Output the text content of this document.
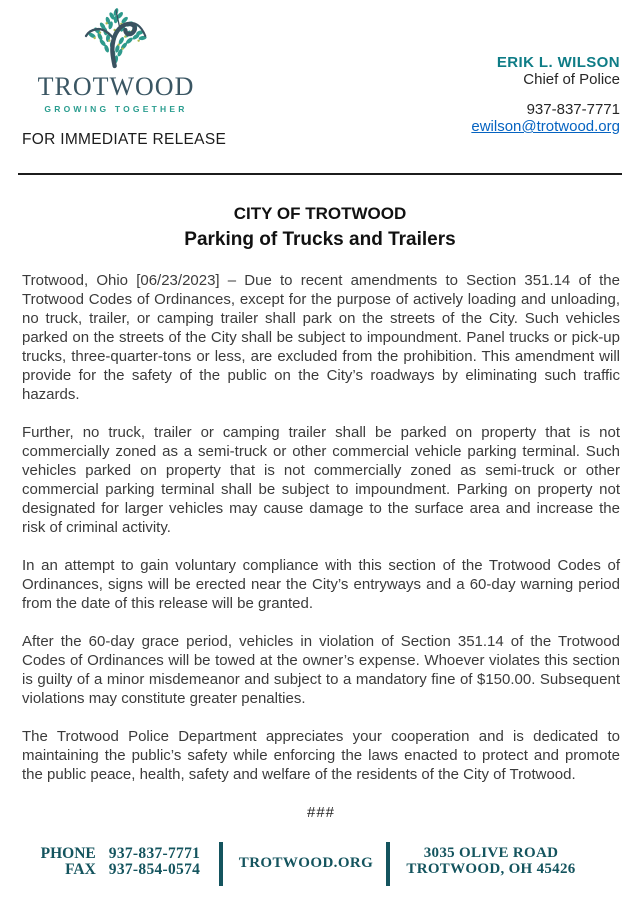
TROTWOOD
GROWING TOGETHER
ERIK L. WILSON
Chief of Police
937-837-7771
ewilson@trotwood.org
FOR IMMEDIATE RELEASE
CITY OF TROTWOOD
Parking of Trucks and Trailers

Trotwood, Ohio [06/23/2023] – Due to recent amendments to Section 351.14 of the Trotwood Codes of Ordinances, except for the purpose of actively loading and unloading, no truck, trailer, or camping trailer shall park on the streets of the City. Such vehicles parked on the streets of the City shall be subject to impoundment. Panel trucks or pick-up trucks, three-quarter-tons or less, are excluded from the prohibition. This amendment will provide for the safety of the public on the City’s roadways by eliminating such traffic hazards.

Further, no truck, trailer or camping trailer shall be parked on property that is not commercially zoned as a semi-truck or other commercial vehicle parking terminal. Such vehicles parked on property that is not commercially zoned as semi-truck or other commercial parking terminal shall be subject to impoundment. Parking on property not designated for larger vehicles may cause damage to the surface area and increase the risk of criminal activity.

In an attempt to gain voluntary compliance with this section of the Trotwood Codes of Ordinances, signs will be erected near the City’s entryways and a 60-day warning period from the date of this release will be granted.

After the 60-day grace period, vehicles in violation of Section 351.14 of the Trotwood Codes of Ordinances will be towed at the owner’s expense. Whoever violates this section is guilty of a minor misdemeanor and subject to a mandatory fine of $150.00. Subsequent violations may constitute greater penalties.

The Trotwood Police Department appreciates your cooperation and is dedicated to maintaining the public’s safety while enforcing the laws enacted to protect and promote the public peace, health, safety and welfare of the residents of the City of Trotwood.

###
PHONE 937-837-7771
FAX 937-854-0574	TROTWOOD.ORG
3035 OLIVE ROAD
TROTWOOD, OH 45426
